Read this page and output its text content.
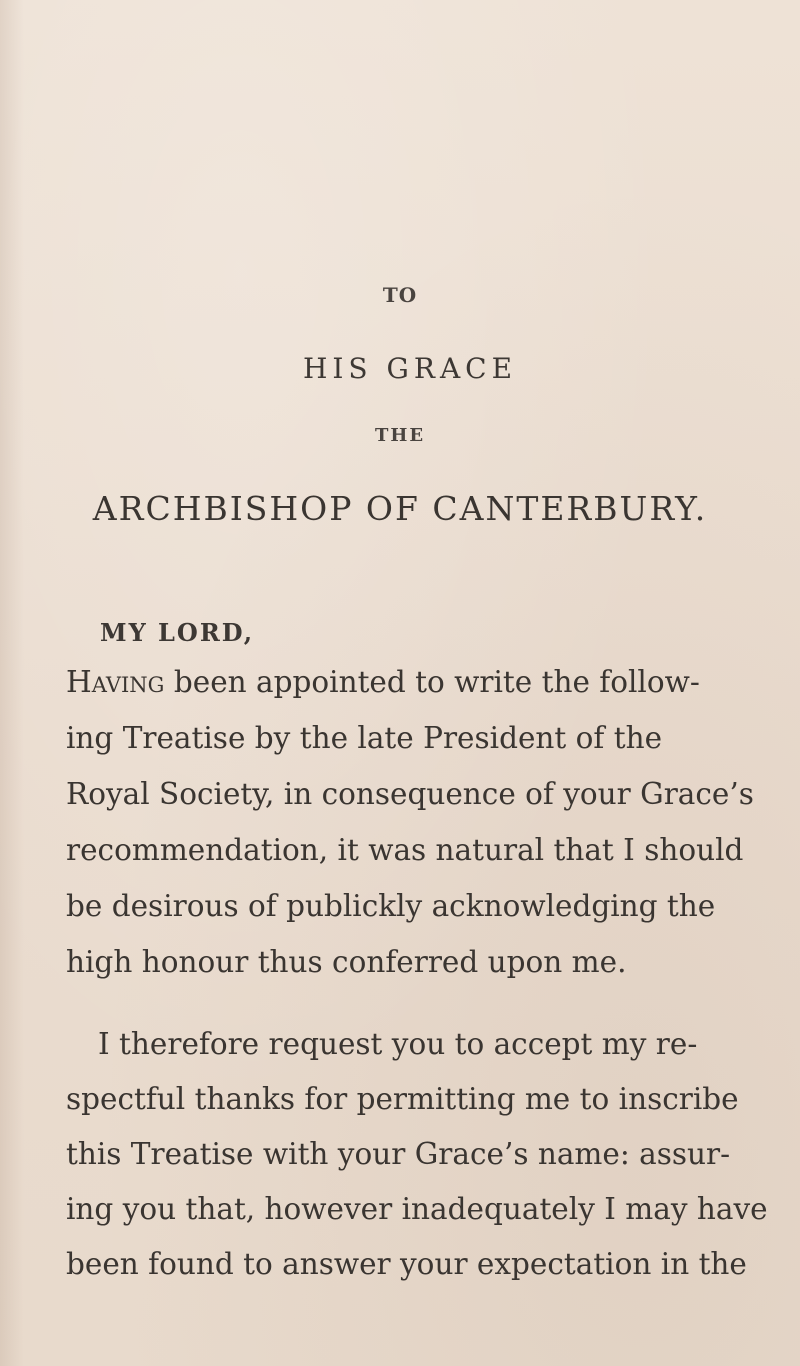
TO
HIS GRACE
THE
ARCHBISHOP OF CANTERBURY.
MY LORD,
Having been appointed to write the follow-
ing Treatise by the late President of the
Royal Society, in consequence of your Grace’s
recommendation, it was natural that I should
be desirous of publickly acknowledging the
high honour thus conferred upon me.
I therefore request you to accept my re-
spectful thanks for permitting me to inscribe
this Treatise with your Grace’s name: assur-
ing you that, however inadequately I may have
been found to answer your expectation in the
